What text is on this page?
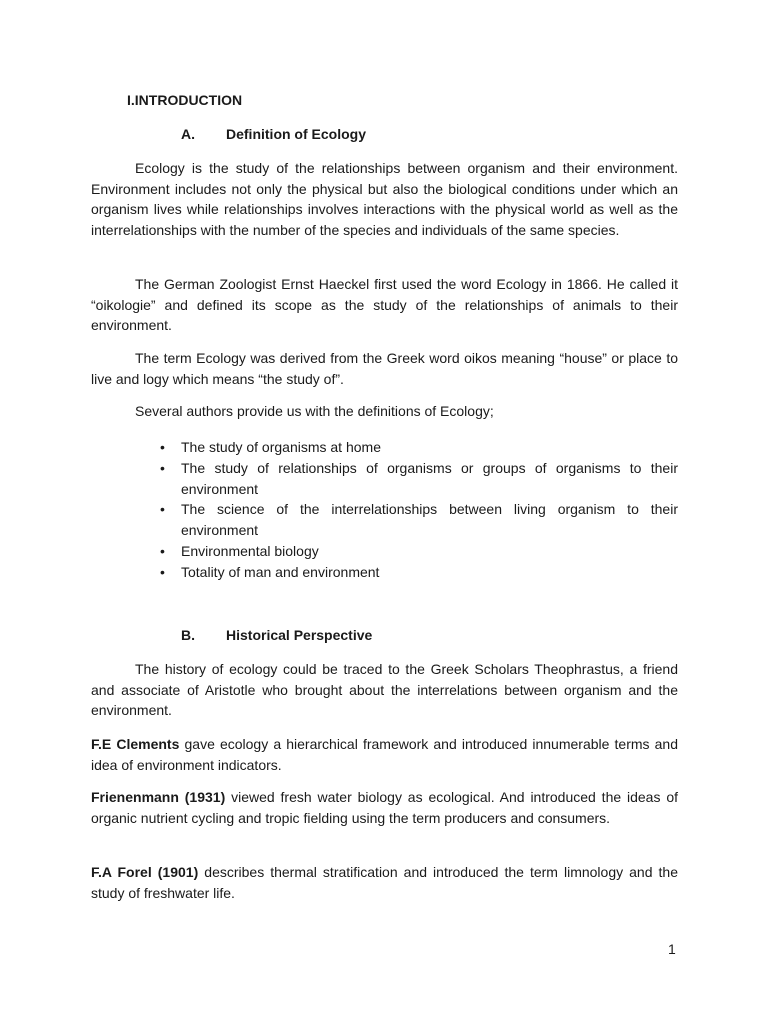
I.INTRODUCTION

A. Definition of Ecology

Ecology is the study of the relationships between organism and their environment. Environment includes not only the physical but also the biological conditions under which an organism lives while relationships involves interactions with the physical world as well as the interrelationships with the number of the species and individuals of the same species.

The German Zoologist Ernst Haeckel first used the word Ecology in 1866. He called it “oikologie” and defined its scope as the study of the relationships of animals to their environment.

The term Ecology was derived from the Greek word oikos meaning “house” or place to live and logy which means “the study of”.

Several authors provide us with the definitions of Ecology;

• The study of organisms at home
• The study of relationships of organisms or groups of organisms to their environment
• The science of the interrelationships between living organism to their environment
• Environmental biology
• Totality of man and environment

B. Historical Perspective

The history of ecology could be traced to the Greek Scholars Theophrastus, a friend and associate of Aristotle who brought about the interrelations between organism and the environment.

F.E Clements gave ecology a hierarchical framework and introduced innumerable terms and idea of environment indicators.

Frienenmann (1931) viewed fresh water biology as ecological. And introduced the ideas of organic nutrient cycling and tropic fielding using the term producers and consumers.

F.A Forel (1901) describes thermal stratification and introduced the term limnology and the study of freshwater life.

1
